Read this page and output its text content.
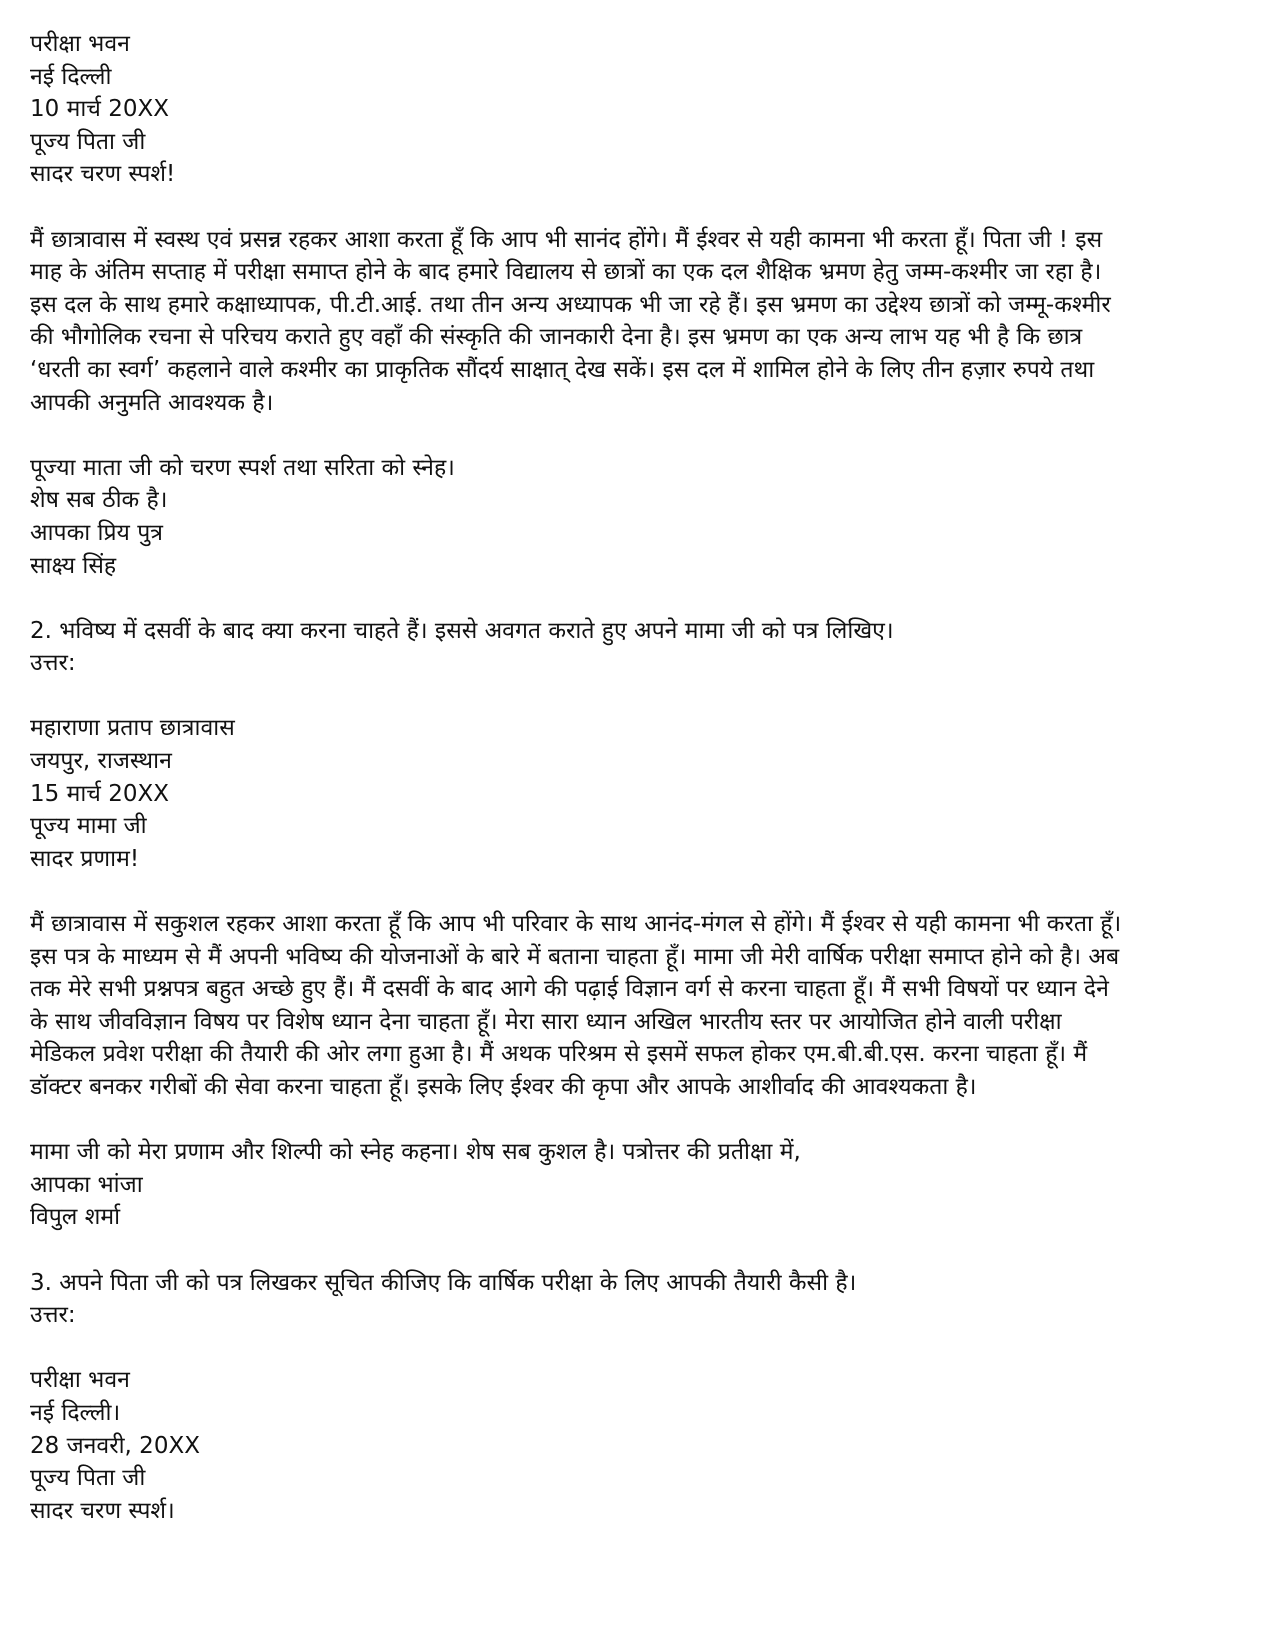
परीक्षा भवन
नई दिल्ली
10 मार्च 20XX
पूज्य पिता जी
सादर चरण स्पर्श!
मैं छात्रावास में स्वस्थ एवं प्रसन्न रहकर आशा करता हूँ कि आप भी सानंद होंगे। मैं ईश्वर से यही कामना भी करता हूँ। पिता जी ! इस
माह के अंतिम सप्ताह में परीक्षा समाप्त होने के बाद हमारे विद्यालय से छात्रों का एक दल शैक्षिक भ्रमण हेतु जम्म-कश्मीर जा रहा है।
इस दल के साथ हमारे कक्षाध्यापक, पी.टी.आई. तथा तीन अन्य अध्यापक भी जा रहे हैं। इस भ्रमण का उद्देश्य छात्रों को जम्मू-कश्मीर
की भौगोलिक रचना से परिचय कराते हुए वहाँ की संस्कृति की जानकारी देना है। इस भ्रमण का एक अन्य लाभ यह भी है कि छात्र
‘धरती का स्वर्ग’ कहलाने वाले कश्मीर का प्राकृतिक सौंदर्य साक्षात् देख सकें। इस दल में शामिल होने के लिए तीन हज़ार रुपये तथा
आपकी अनुमति आवश्यक है।
पूज्या माता जी को चरण स्पर्श तथा सरिता को स्नेह।
शेष सब ठीक है।
आपका प्रिय पुत्र
साक्ष्य सिंह
2. भविष्य में दसवीं के बाद क्या करना चाहते हैं। इससे अवगत कराते हुए अपने मामा जी को पत्र लिखिए।
उत्तर:
महाराणा प्रताप छात्रावास
जयपुर, राजस्थान
15 मार्च 20XX
पूज्य मामा जी
सादर प्रणाम!
मैं छात्रावास में सकुशल रहकर आशा करता हूँ कि आप भी परिवार के साथ आनंद-मंगल से होंगे। मैं ईश्वर से यही कामना भी करता हूँ।
इस पत्र के माध्यम से मैं अपनी भविष्य की योजनाओं के बारे में बताना चाहता हूँ। मामा जी मेरी वार्षिक परीक्षा समाप्त होने को है। अब
तक मेरे सभी प्रश्नपत्र बहुत अच्छे हुए हैं। मैं दसवीं के बाद आगे की पढ़ाई विज्ञान वर्ग से करना चाहता हूँ। मैं सभी विषयों पर ध्यान देने
के साथ जीवविज्ञान विषय पर विशेष ध्यान देना चाहता हूँ। मेरा सारा ध्यान अखिल भारतीय स्तर पर आयोजित होने वाली परीक्षा
मेडिकल प्रवेश परीक्षा की तैयारी की ओर लगा हुआ है। मैं अथक परिश्रम से इसमें सफल होकर एम.बी.बी.एस. करना चाहता हूँ। मैं
डॉक्टर बनकर गरीबों की सेवा करना चाहता हूँ। इसके लिए ईश्वर की कृपा और आपके आशीर्वाद की आवश्यकता है।
मामा जी को मेरा प्रणाम और शिल्पी को स्नेह कहना। शेष सब कुशल है। पत्रोत्तर की प्रतीक्षा में,
आपका भांजा
विपुल शर्मा
3. अपने पिता जी को पत्र लिखकर सूचित कीजिए कि वार्षिक परीक्षा के लिए आपकी तैयारी कैसी है।
उत्तर:
परीक्षा भवन
नई दिल्ली।
28 जनवरी, 20XX
पूज्य पिता जी
सादर चरण स्पर्श।
